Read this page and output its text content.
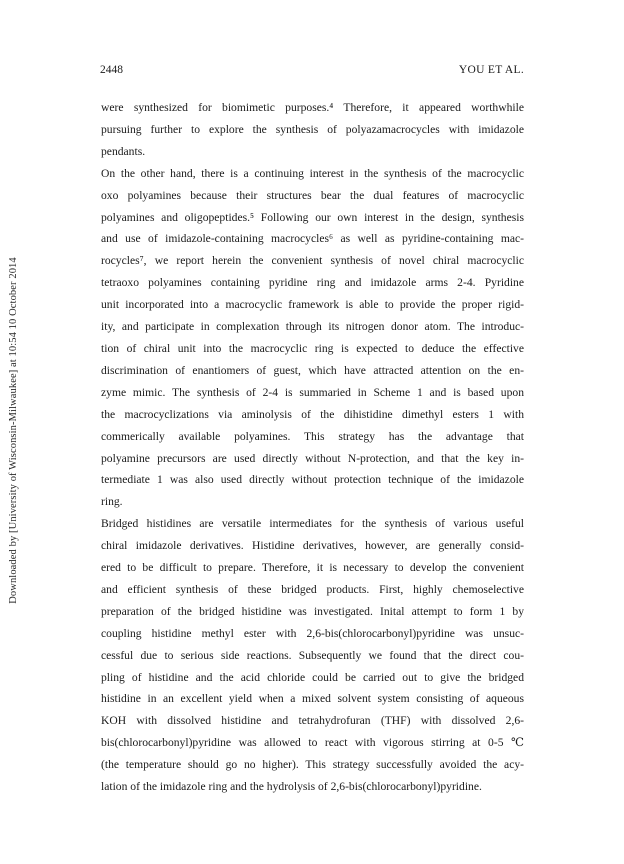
Downloaded by [University of Wisconsin-Milwaukee] at 10:54 10 October 2014
2448	YOU ET AL.

were synthesized for biomimetic purposes.⁴ Therefore, it appeared worthwhile
pursuing further to explore the synthesis of polyazamacrocycles with imidazole
pendants.

On the other hand, there is a continuing interest in the synthesis of the macrocyclic
oxo polyamines because their structures bear the dual features of macrocyclic
polyamines and oligopeptides.⁵ Following our own interest in the design, synthesis
and use of imidazole-containing macrocycles⁶ as well as pyridine-containing mac-
rocycles⁷, we report herein the convenient synthesis of novel chiral macrocyclic
tetraoxo polyamines containing pyridine ring and imidazole arms 2-4. Pyridine
unit incorporated into a macrocyclic framework is able to provide the proper rigid-
ity, and participate in complexation through its nitrogen donor atom. The introduc-
tion of chiral unit into the macrocyclic ring is expected to deduce the effective
discrimination of enantiomers of guest, which have attracted attention on the en-
zyme mimic. The synthesis of 2-4 is summaried in Scheme 1 and is based upon
the macrocyclizations via aminolysis of the dihistidine dimethyl esters 1 with
commerically available polyamines. This strategy has the advantage that
polyamine precursors are used directly without N-protection, and that the key in-
termediate 1 was also used directly without protection technique of the imidazole
ring.

Bridged histidines are versatile intermediates for the synthesis of various useful
chiral imidazole derivatives. Histidine derivatives, however, are generally consid-
ered to be difficult to prepare. Therefore, it is necessary to develop the convenient
and efficient synthesis of these bridged products. First, highly chemoselective
preparation of the bridged histidine was investigated. Inital attempt to form 1 by
coupling histidine methyl ester with 2,6-bis(chlorocarbonyl)pyridine was unsuc-
cessful due to serious side reactions. Subsequently we found that the direct cou-
pling of histidine and the acid chloride could be carried out to give the bridged
histidine in an excellent yield when a mixed solvent system consisting of aqueous
KOH with dissolved histidine and tetrahydrofuran (THF) with dissolved 2,6-
bis(chlorocarbonyl)pyridine was allowed to react with vigorous stirring at 0-5 ℃
(the temperature should go no higher). This strategy successfully avoided the acy-
lation of the imidazole ring and the hydrolysis of 2,6-bis(chlorocarbonyl)pyridine.
